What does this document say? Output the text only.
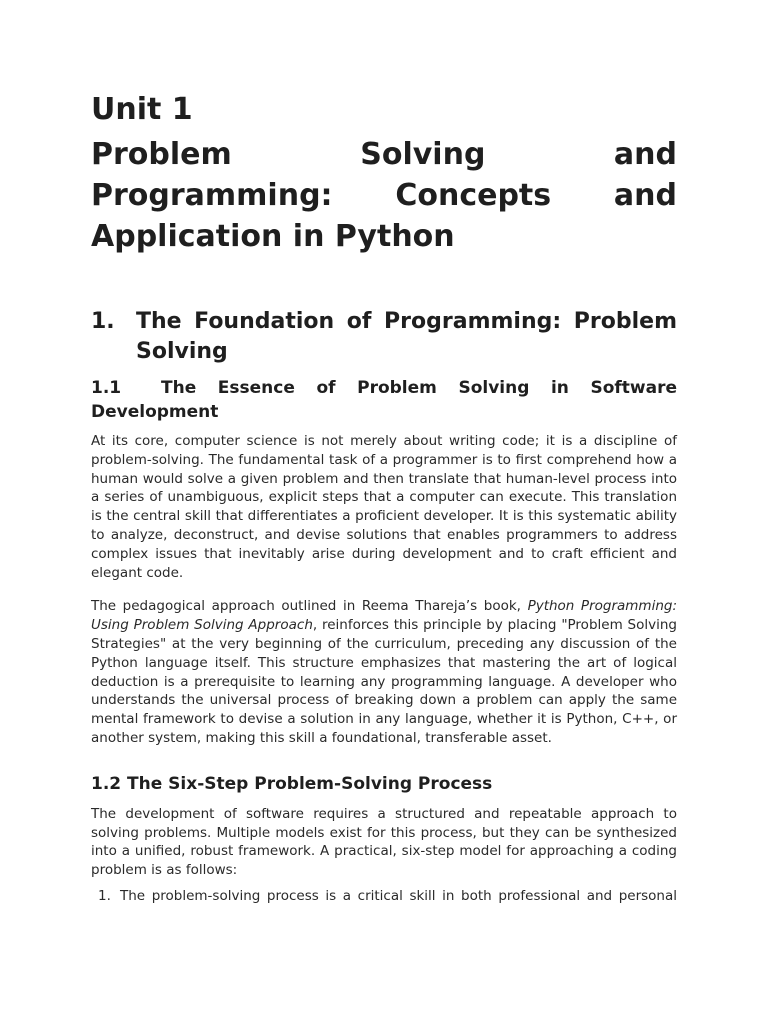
Unit 1
Problem Solving and Programming: Concepts and Application in Python
1. The Foundation of Programming: Problem Solving
1.1 The Essence of Problem Solving in Software Development

At its core, computer science is not merely about writing code; it is a discipline of problem-solving. The fundamental task of a programmer is to first comprehend how a human would solve a given problem and then translate that human-level process into a series of unambiguous, explicit steps that a computer can execute. This translation is the central skill that differentiates a proficient developer. It is this systematic ability to analyze, deconstruct, and devise solutions that enables programmers to address complex issues that inevitably arise during development and to craft efficient and elegant code.

The pedagogical approach outlined in Reema Thareja’s book, Python Programming: Using Problem Solving Approach, reinforces this principle by placing "Problem Solving Strategies" at the very beginning of the curriculum, preceding any discussion of the Python language itself. This structure emphasizes that mastering the art of logical deduction is a prerequisite to learning any programming language. A developer who understands the universal process of breaking down a problem can apply the same mental framework to devise a solution in any language, whether it is Python, C++, or another system, making this skill a foundational, transferable asset.

1.2 The Six-Step Problem-Solving Process

The development of software requires a structured and repeatable approach to solving problems. Multiple models exist for this process, but they can be synthesized into a unified, robust framework. A practical, six-step model for approaching a coding problem is as follows:

1. The problem-solving process is a critical skill in both professional and personal
